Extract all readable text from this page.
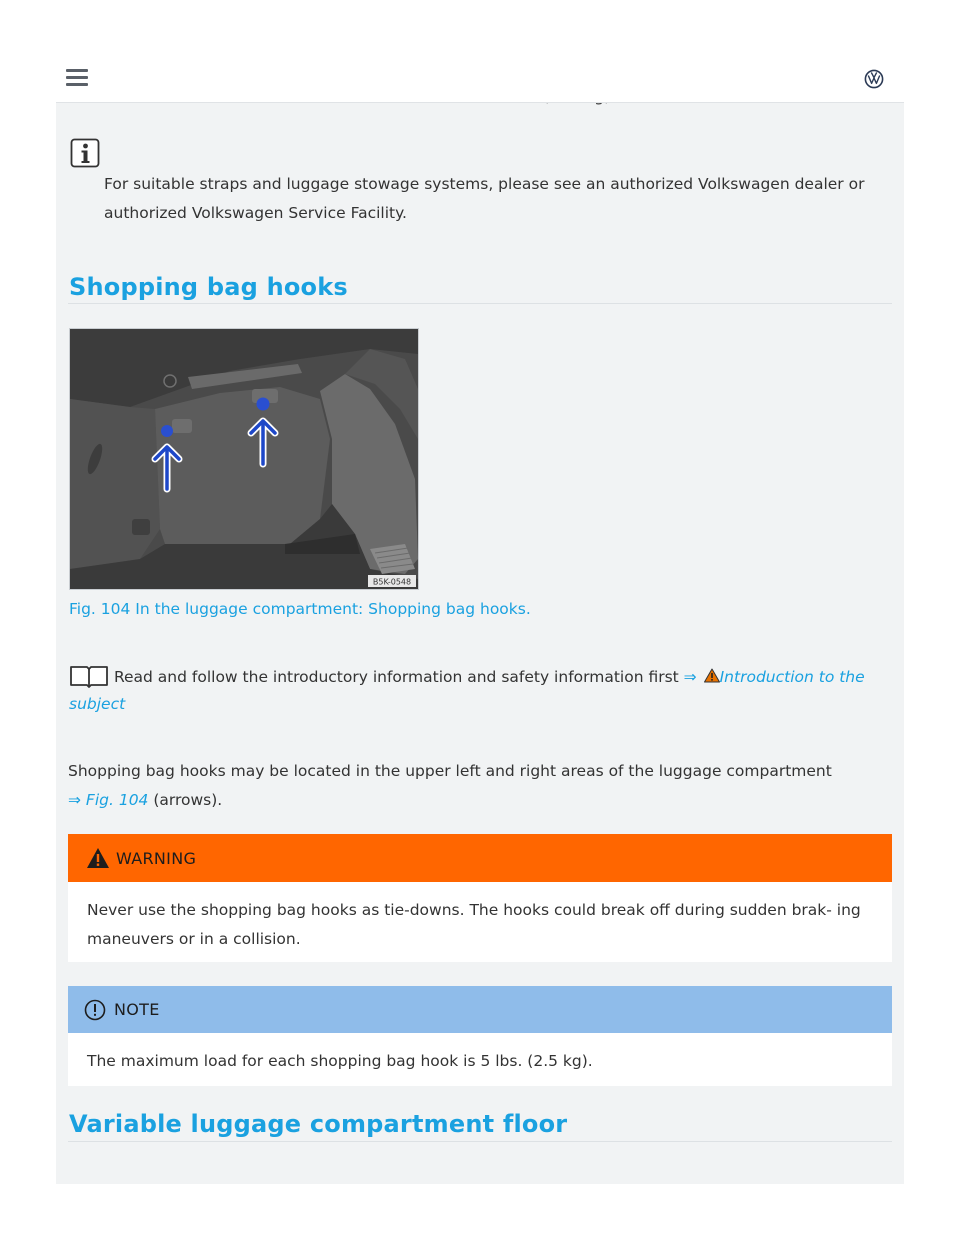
For suitable straps and luggage stowage systems, please see an authorized Volkswagen dealer or authorized Volkswagen Service Facility.
Shopping bag hooks
B5K-0548
Fig. 104 In the luggage compartment: Shopping bag hooks.
Read and follow the introductory information and safety information first ⇒ Introduction to the subject
Shopping bag hooks may be located in the upper left and right areas of the luggage compartment
⇒ Fig. 104 (arrows).
WARNING
Never use the shopping bag hooks as tie-downs. The hooks could break off during sudden brak- ing maneuvers or in a collision.
NOTE
The maximum load for each shopping bag hook is 5 lbs. (2.5 kg).
Variable luggage compartment floor
